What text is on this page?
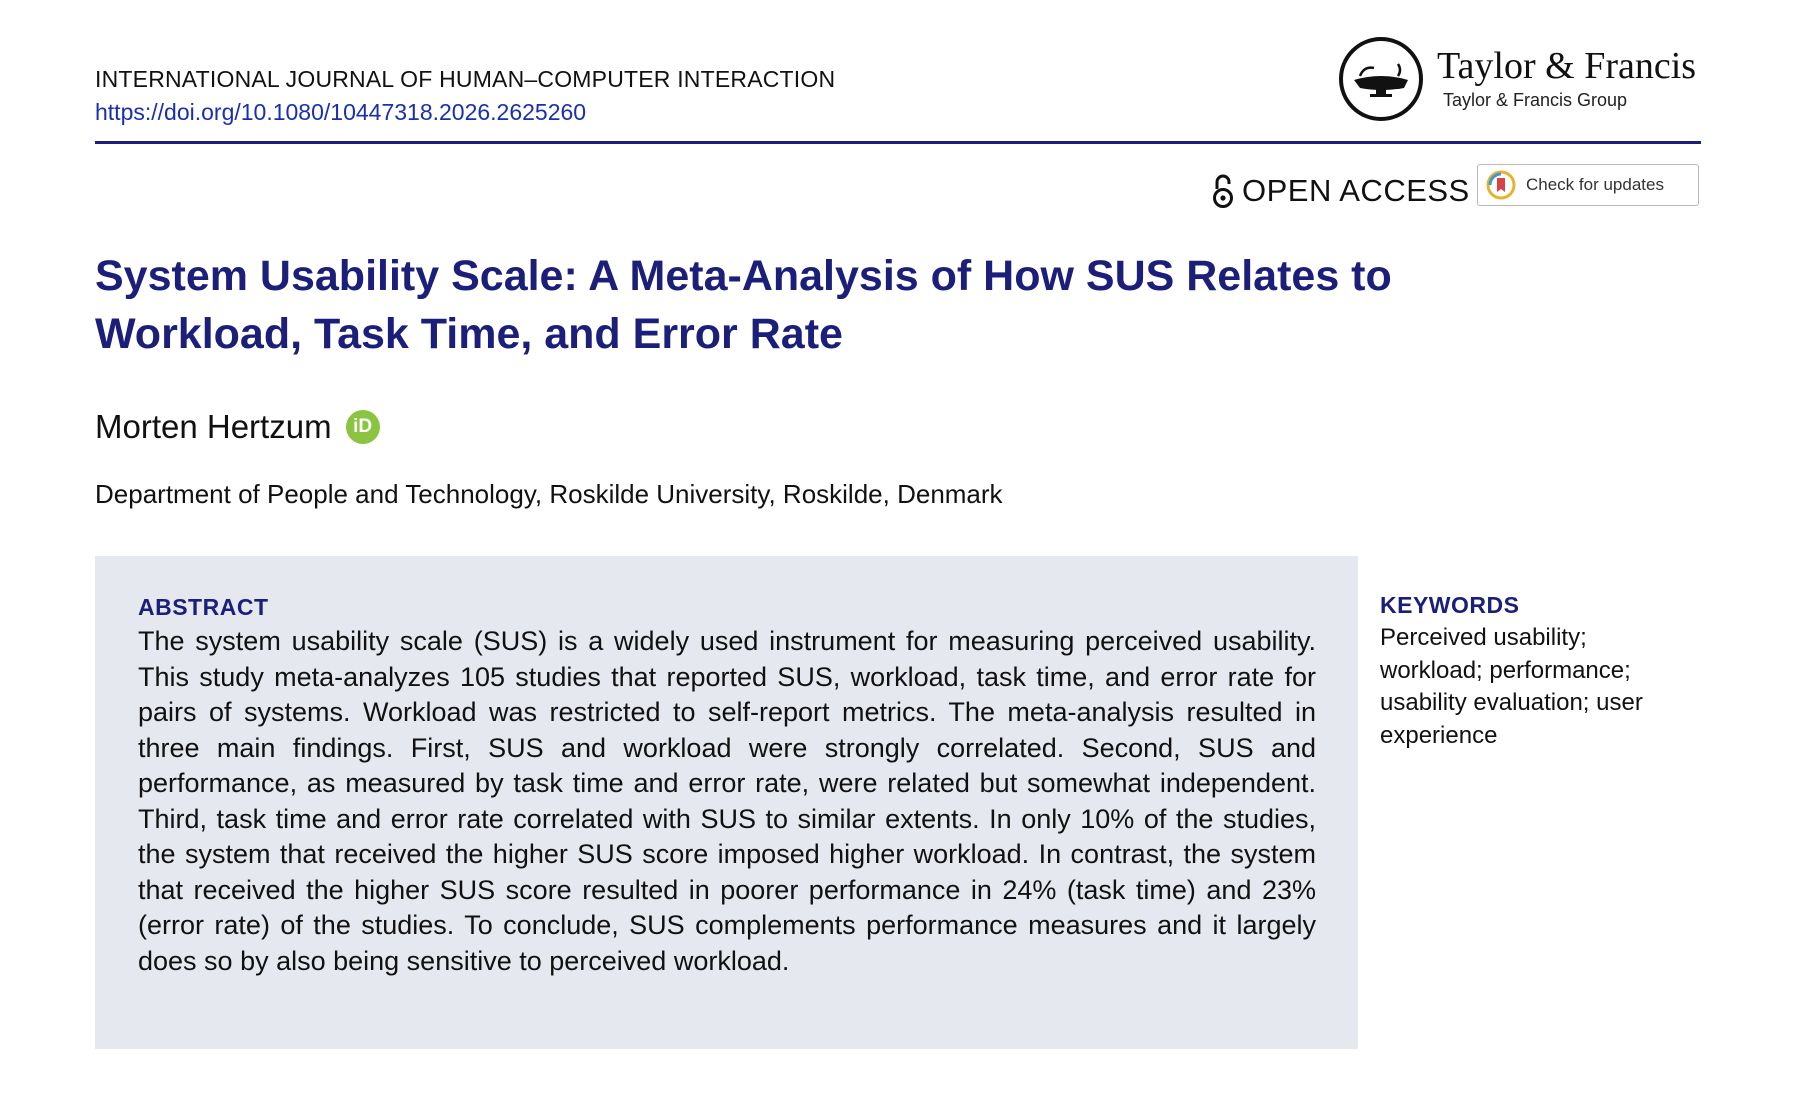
INTERNATIONAL JOURNAL OF HUMAN–COMPUTER INTERACTION
https://doi.org/10.1080/10447318.2026.2625260
Taylor & Francis
Taylor & Francis Group
OPEN ACCESS	Check for updates
System Usability Scale: A Meta-Analysis of How SUS Relates to Workload, Task Time, and Error Rate
Morten Hertzum	iD
Department of People and Technology, Roskilde University, Roskilde, Denmark
ABSTRACT

The system usability scale (SUS) is a widely used instrument for measuring perceived usability. This study meta-analyzes 105 studies that reported SUS, workload, task time, and error rate for pairs of systems. Workload was restricted to self-report metrics. The meta-analysis resulted in three main findings. First, SUS and workload were strongly correlated. Second, SUS and performance, as measured by task time and error rate, were related but somewhat independent. Third, task time and error rate correlated with SUS to similar extents. In only 10% of the studies, the system that received the higher SUS score imposed higher workload. In contrast, the system that received the higher SUS score resulted in poorer performance in 24% (task time) and 23% (error rate) of the studies. To conclude, SUS complements performance measures and it largely does so by also being sensitive to perceived workload.

KEYWORDS

Perceived usability; workload; performance; usability evaluation; user experience
